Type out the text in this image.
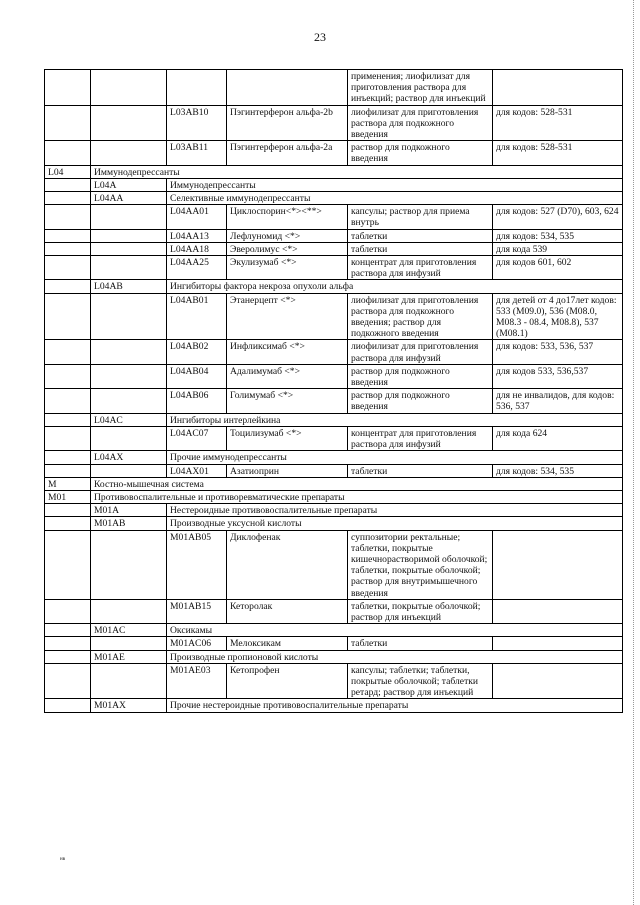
23
				применения; лиофилизат для приготовления раствора для инъекций; раствор для инъекций	
		L03AB10	Пэгинтерферон альфа-2b	лиофилизат для приготовления раствора для подкожного введения	для кодов: 528-531
		L03AB11	Пэгинтерферон альфа-2а	раствор для подкожного введения	для кодов: 528-531
L04	Иммунодепрессанты				
	L04A	Иммунодепрессанты			
	L04AA	Селективные иммунодепрессанты			
		L04AA01	Циклоспорин<*><**>	капсулы; раствор для приема внутрь	для кодов: 527 (D70), 603, 624
		L04AA13	Лефлуномид <*>	таблетки	для кодов: 534, 535
		L04AA18	Эверолимус <*>	таблетки	для кода 539
		L04AA25	Экулизумаб <*>	концентрат для приготовления раствора для инфузий	для кодов 601, 602
	L04AB	Ингибиторы фактора некроза опухоли альфа			
		L04AB01	Этанерцепт <*>	лиофилизат для приготовления раствора для подкожного введения; раствор для подкожного введения	для детей от 4 до17лет кодов: 533 (M09.0), 536 (M08.0, M08.3 - 08.4, M08.8), 537 (M08.1)
		L04AB02	Инфликсимаб <*>	лиофилизат для приготовления раствора для инфузий	для кодов: 533, 536, 537
		L04AB04	Адалимумаб <*>	раствор для подкожного введения	для кодов 533, 536,537
		L04AB06	Голимумаб <*>	раствор для подкожного введения	для не инвалидов, для кодов: 536, 537
	L04AC	Ингибиторы интерлейкина			
		L04AC07	Тоцилизумаб <*>	концентрат для приготовления раствора для инфузий	для кода 624
	L04AX	Прочие иммунодепрессанты			
		L04AX01	Азатиоприн	таблетки	для кодов: 534, 535
M	Костно-мышечная система				
M01	Противовоспалительные и противоревматические препараты				
	M01A	Нестероидные противовоспалительные препараты			
	M01AB	Производные уксусной кислоты			
		M01AB05	Диклофенак	суппозитории ректальные; таблетки, покрытые кишечнорастворимой оболочкой; таблетки, покрытые оболочкой; раствор для внутримышечного введения	
		M01AB15	Кеторолак	таблетки, покрытые оболочкой; раствор для инъекций	
	M01AC	Оксикамы			
		M01AC06	Мелоксикам	таблетки	
	M01AE	Производные пропионовой кислоты			
		M01AE03	Кетопрофен	капсулы; таблетки; таблетки, покрытые оболочкой; таблетки ретард; раствор для инъекций	
	M01AX	Прочие нестероидные противовоспалительные препараты			
нв
